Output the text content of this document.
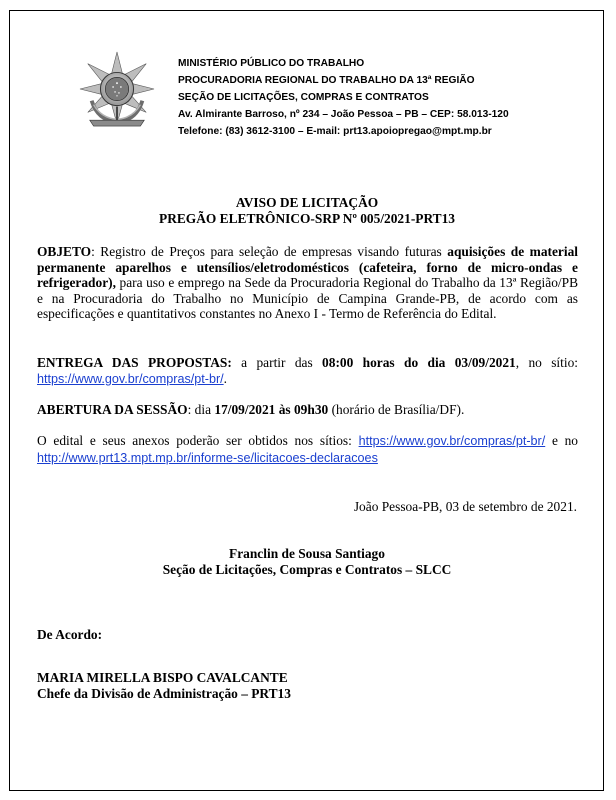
MINISTÉRIO PÚBLICO DO TRABALHO
PROCURADORIA REGIONAL DO TRABALHO DA 13ª REGIÃO
SEÇÃO DE LICITAÇÕES, COMPRAS E CONTRATOS
Av. Almirante Barroso, nº 234 – João Pessoa – PB – CEP: 58.013-120
Telefone: (83) 3612-3100 – E-mail: prt13.apoiopregao@mpt.mp.br
AVISO DE LICITAÇÃO
PREGÃO ELETRÔNICO-SRP Nº 005/2021-PRT13
OBJETO: Registro de Preços para seleção de empresas visando futuras aquisições de material permanente aparelhos e utensílios/eletrodomésticos (cafeteira, forno de micro-ondas e refrigerador), para uso e emprego na Sede da Procuradoria Regional do Trabalho da 13ª Região/PB e na Procuradoria do Trabalho no Município de Campina Grande-PB, de acordo com as especificações e quantitativos constantes no Anexo I - Termo de Referência do Edital.
ENTREGA DAS PROPOSTAS: a partir das 08:00 horas do dia 03/09/2021, no sítio: https://www.gov.br/compras/pt-br/.
ABERTURA DA SESSÃO: dia 17/09/2021 às 09h30 (horário de Brasília/DF).
O edital e seus anexos poderão ser obtidos nos sítios: https://www.gov.br/compras/pt-br/ e no http://www.prt13.mpt.mp.br/informe-se/licitacoes-declaracoes
João Pessoa-PB, 03 de setembro de 2021.
Franclin de Sousa Santiago
Seção de Licitações, Compras e Contratos – SLCC
De Acordo:
MARIA MIRELLA BISPO CAVALCANTE
Chefe da Divisão de Administração – PRT13
